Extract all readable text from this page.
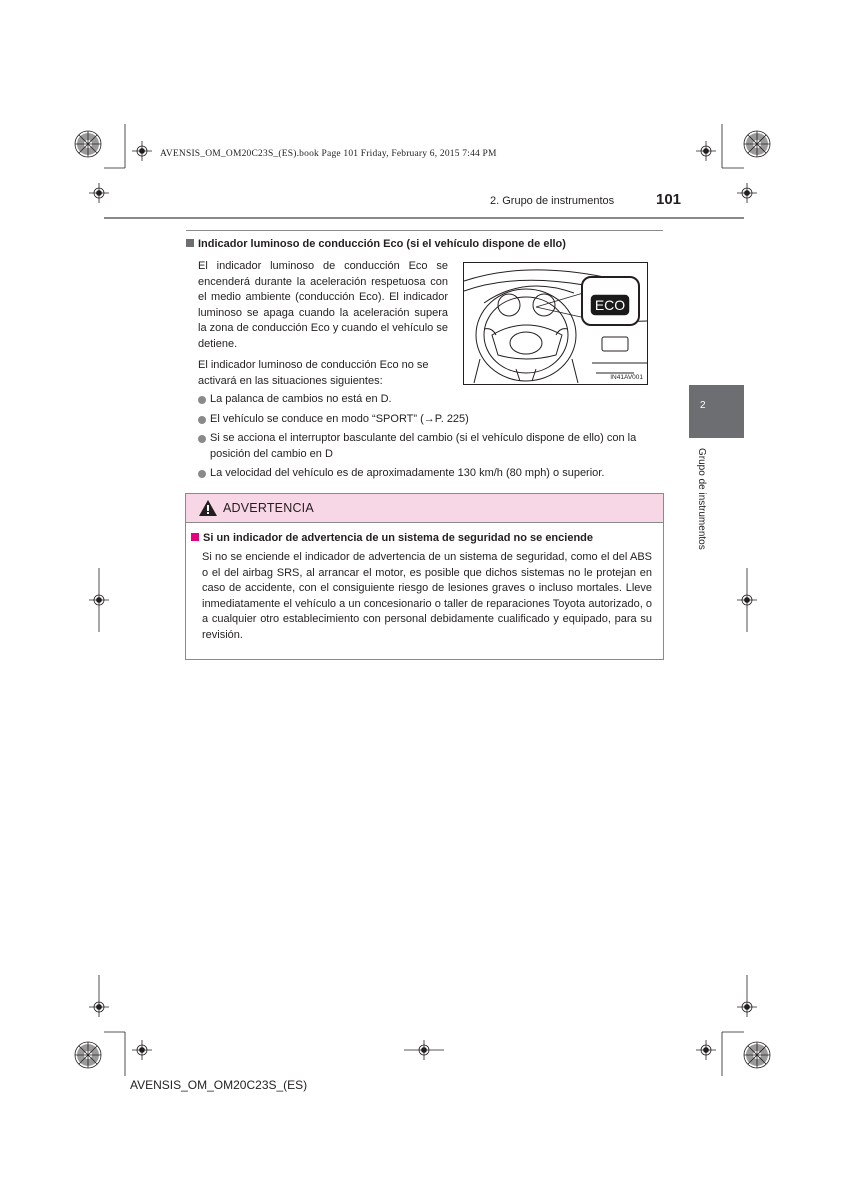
AVENSIS_OM_OM20C23S_(ES).book Page 101 Friday, February 6, 2015 7:44 PM
2. Grupo de instrumentos	101
Indicador luminoso de conducción Eco (si el vehículo dispone de ello)
El indicador luminoso de conducción Eco se encenderá durante la aceleración respetuosa con el medio ambiente (conducción Eco). El indicador luminoso se apaga cuando la aceleración supera la zona de conducción Eco y cuando el vehículo se detiene.
El indicador luminoso de conducción Eco no se activará en las situaciones siguientes:
ECO
IN41AV001
La palanca de cambios no está en D.
El vehículo se conduce en modo “SPORT” (→P. 225)
Si se acciona el interruptor basculante del cambio (si el vehículo dispone de ello) con la posición del cambio en D
La velocidad del vehículo es de aproximadamente 130 km/h (80 mph) o superior.
ADVERTENCIA
Si un indicador de advertencia de un sistema de seguridad no se enciende
Si no se enciende el indicador de advertencia de un sistema de seguridad, como el del ABS o el del airbag SRS, al arrancar el motor, es posible que dichos sistemas no le protejan en caso de accidente, con el consiguiente riesgo de lesiones graves o incluso mortales. Lleve inmediatamente el vehículo a un concesionario o taller de reparaciones Toyota autorizado, o a cualquier otro establecimiento con personal debidamente cualificado y equipado, para su revisión.
2
Grupo de instrumentos
AVENSIS_OM_OM20C23S_(ES)
